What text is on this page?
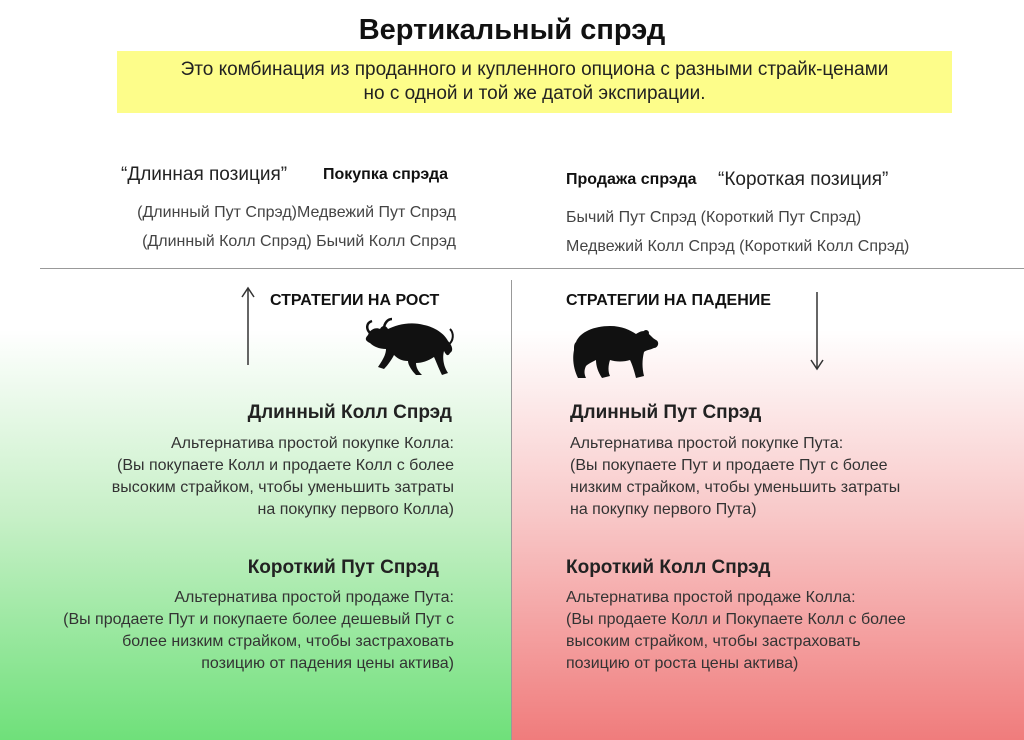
Вертикальный спрэд
Это комбинация из проданного и купленного опциона с разными страйк-ценами
но с одной и той же датой экспирации.
“Длинная позиция” Покупка спрэда
(Длинный Пут Спрэд)Медвежий Пут Спрэд
(Длинный Колл Спрэд) Бычий Колл Спрэд
Продажа спрэда “Короткая позиция”
Бычий Пут Спрэд (Короткий Пут Спрэд)
Медвежий Колл Спрэд (Короткий Колл Спрэд)
СТРАТЕГИИ НА РОСТ	СТРАТЕГИИ НА ПАДЕНИЕ
Длинный Колл Спрэд
Альтернатива простой покупке Колла:
(Вы покупаете Колл и продаете Колл с более
высоким страйком, чтобы уменьшить затраты
на покупку первого Колла)
Короткий Пут Спрэд
Альтернатива простой продаже Пута:
(Вы продаете Пут и покупаете более дешевый Пут с
более низким страйком, чтобы застраховать
позицию от падения цены актива)
Длинный Пут Спрэд
Альтернатива простой покупке Пута:
(Вы покупаете Пут и продаете Пут с более
низким страйком, чтобы уменьшить затраты
на покупку первого Пута)
Короткий Колл Спрэд
Альтернатива простой продаже Колла:
(Вы продаете Колл и Покупаете Колл с более
высоким страйком, чтобы застраховать
позицию от роста цены актива)
